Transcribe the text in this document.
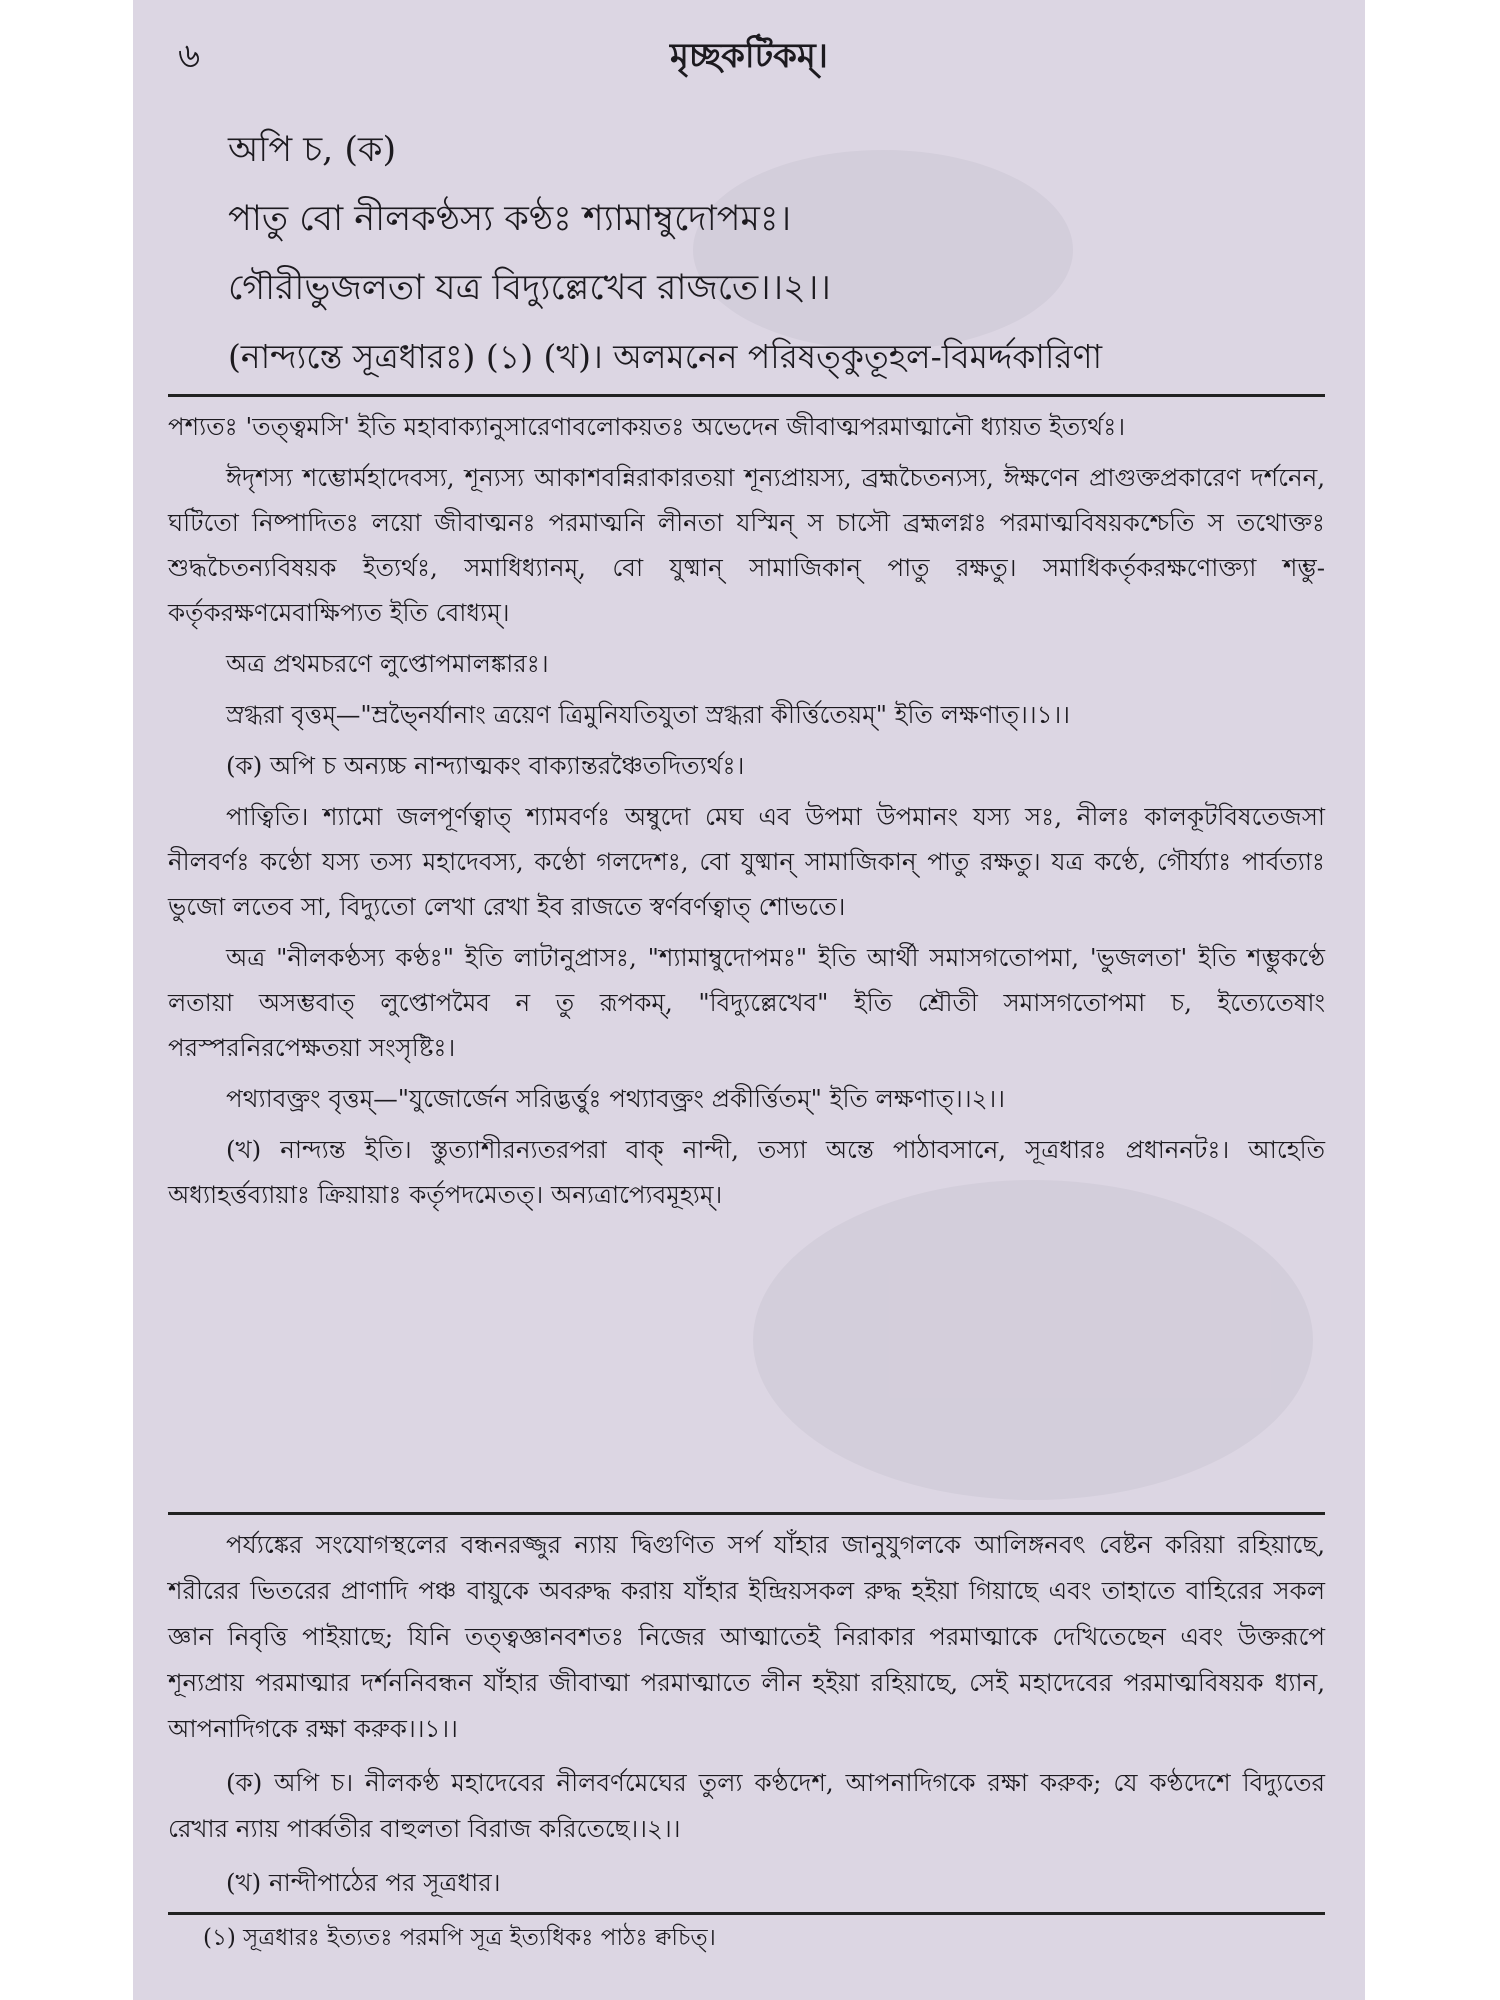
৬	মৃচ্ছকটিকম্।

অপি চ, (ক)

পাতু বো নীলকণ্ঠস্য কণ্ঠঃ শ্যামাম্বুদোপমঃ।

গৌরীভুজলতা যত্র বিদ্যুল্লেখেব রাজতে।।২।।

(নান্দ্যন্তে সূত্রধারঃ) (১) (খ)। অলমনেন পরিষত্কুতূহল-বিমর্দ্দকারিণা

পশ্যতঃ 'তত্ত্বমসি' ইতি মহাবাক্যানুসারেণাবলোকয়তঃ অভেদেন জীবাত্মপরমাত্মানৌ ধ্যায়ত ইত্যর্থঃ।

ঈদৃশস্য শম্ভোর্মহাদেবস্য, শূন্যস্য আকাশবন্নিরাকারতয়া শূন্যপ্রায়স্য, ব্রহ্মচৈতন্যস্য, ঈক্ষণেন প্রাগুক্তপ্রকারেণ দর্শনেন, ঘটিতো নিষ্পাদিতঃ লয়ো জীবাত্মনঃ পরমাত্মনি লীনতা যস্মিন্ স চাসৌ ব্রহ্মলগ্নঃ পরমাত্মবিষয়কশ্চেতি স তথোক্তঃ শুদ্ধচৈতন্যবিষয়ক ইত্যর্থঃ, সমাধিধ্যানম্, বো যুষ্মান্ সামাজিকান্ পাতু রক্ষতু। সমাধিকর্তৃকরক্ষণোক্ত্যা শম্ভু-কর্তৃকরক্ষণমেবাক্ষিপ্যত ইতি বোধ্যম্।

অত্র প্রথমচরণে লুপ্তোপমালঙ্কারঃ।

স্রগ্ধরা বৃত্তম্—"ম্রভ্নৈর্যানাং ত্রয়েণ ত্রিমুনিযতিযুতা স্রগ্ধরা কীর্ত্তিতেয়ম্" ইতি লক্ষণাত্।।১।।

(ক) অপি চ অন্যচ্চ নান্দ্যাত্মকং বাক্যান্তরঞ্চৈতদিত্যর্থঃ।

পাত্বিতি। শ্যামো জলপূর্ণত্বাত্ শ্যামবর্ণঃ অম্বুদো মেঘ এব উপমা উপমানং যস্য সঃ, নীলঃ কালকূটবিষতেজসা নীলবর্ণঃ কণ্ঠো যস্য তস্য মহাদেবস্য, কণ্ঠো গলদেশঃ, বো যুষ্মান্ সামাজিকান্ পাতু রক্ষতু। যত্র কণ্ঠে, গৌর্য্যাঃ পার্বত্যাঃ ভুজো লতেব সা, বিদ্যুতো লেখা রেখা ইব রাজতে স্বর্ণবর্ণত্বাত্ শোভতে।

অত্র "নীলকণ্ঠস্য কণ্ঠঃ" ইতি লাটানুপ্রাসঃ, "শ্যামাম্বুদোপমঃ" ইতি আর্থী সমাসগতোপমা, 'ভুজলতা' ইতি শম্ভুকণ্ঠে লতায়া অসম্ভবাত্ লুপ্তোপমৈব ন তু রূপকম্, "বিদ্যুল্লেখেব" ইতি শ্রৌতী সমাসগতোপমা চ, ইত্যেতেষাং পরস্পরনিরপেক্ষতয়া সংসৃষ্টিঃ।

পথ্যাবক্ত্রং বৃত্তম্—"যুজোর্জেন সরিদ্ভর্ত্তুঃ পথ্যাবক্ত্রং প্রকীর্ত্তিতম্" ইতি লক্ষণাত্।।২।।

(খ) নান্দ্যন্ত ইতি। স্তুত্যাশীরন্যতরপরা বাক্ নান্দী, তস্যা অন্তে পাঠাবসানে, সূত্রধারঃ প্রধাননটঃ। আহেতি অধ্যাহর্ত্তব্যায়াঃ ক্রিয়ায়াঃ কর্তৃপদমেতত্। অন্যত্রাপ্যেবমূহ্যম্।

পর্য্যঙ্কের সংযোগস্থলের বন্ধনরজ্জুর ন্যায় দ্বিগুণিত সর্প যাঁহার জানুযুগলকে আলিঙ্গনবৎ বেষ্টন করিয়া রহিয়াছে, শরীরের ভিতরের প্রাণাদি পঞ্চ বায়ুকে অবরুদ্ধ করায় যাঁহার ইন্দ্রিয়সকল রুদ্ধ হইয়া গিয়াছে এবং তাহাতে বাহিরের সকল জ্ঞান নিবৃত্তি পাইয়াছে; যিনি তত্ত্বজ্ঞানবশতঃ নিজের আত্মাতেই নিরাকার পরমাত্মাকে দেখিতেছেন এবং উক্তরূপে শূন্যপ্রায় পরমাত্মার দর্শননিবন্ধন যাঁহার জীবাত্মা পরমাত্মাতে লীন হইয়া রহিয়াছে, সেই মহাদেবের পরমাত্মবিষয়ক ধ্যান, আপনাদিগকে রক্ষা করুক।।১।।

(ক) অপি চ। নীলকণ্ঠ মহাদেবের নীলবর্ণমেঘের তুল্য কণ্ঠদেশ, আপনাদিগকে রক্ষা করুক; যে কণ্ঠদেশে বিদ্যুতের রেখার ন্যায় পার্ব্বতীর বাহুলতা বিরাজ করিতেছে।।২।।

(খ) নান্দীপাঠের পর সূত্রধার।

(১) সূত্রধারঃ ইত্যতঃ পরমপি সূত্র ইত্যধিকঃ পাঠঃ ক্বচিত্।
